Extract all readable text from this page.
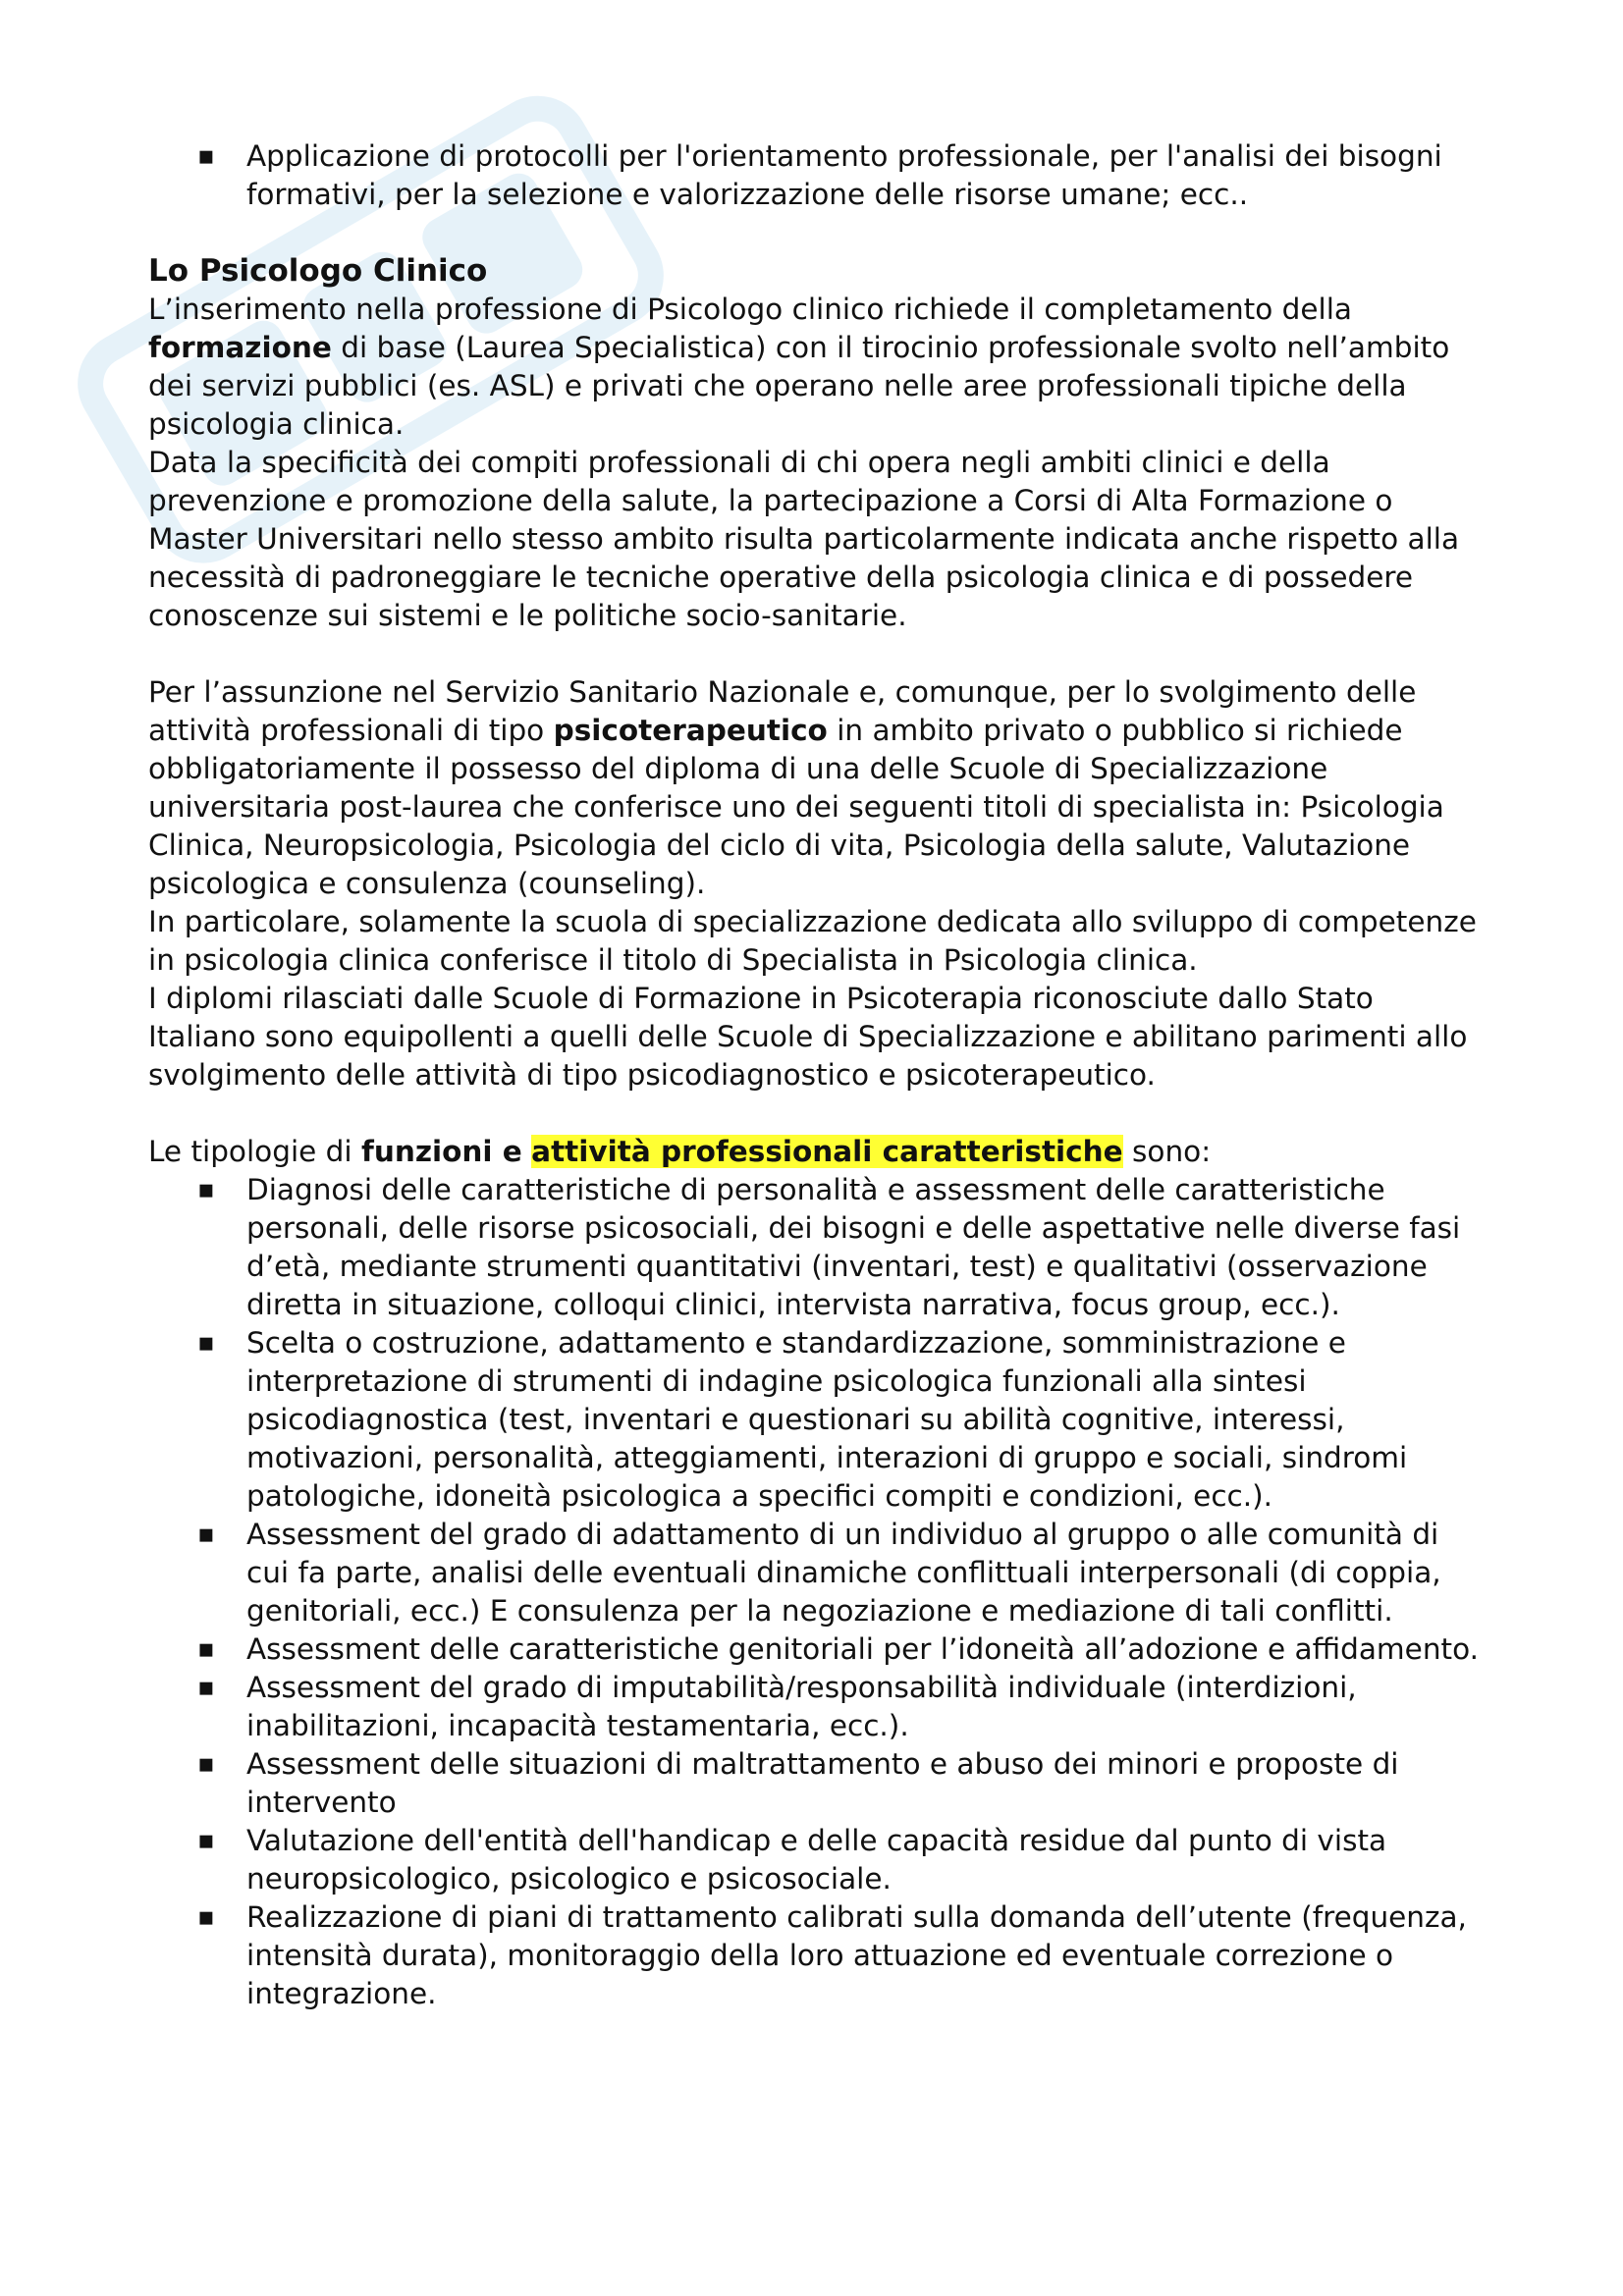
▪ Applicazione di protocolli per l'orientamento professionale, per l'analisi dei bisogni formativi, per la selezione e valorizzazione delle risorse umane; ecc..
Lo Psicologo Clinico

L’inserimento nella professione di Psicologo clinico richiede il completamento della formazione di base (Laurea Specialistica) con il tirocinio professionale svolto nell’ambito dei servizi pubblici (es. ASL) e privati che operano nelle aree professionali tipiche della psicologia clinica.

Data la specificità dei compiti professionali di chi opera negli ambiti clinici e della prevenzione e promozione della salute, la partecipazione a Corsi di Alta Formazione o Master Universitari nello stesso ambito risulta particolarmente indicata anche rispetto alla necessità di padroneggiare le tecniche operative della psicologia clinica e di possedere conoscenze sui sistemi e le politiche socio-sanitarie.

Per l’assunzione nel Servizio Sanitario Nazionale e, comunque, per lo svolgimento delle attività professionali di tipo psicoterapeutico in ambito privato o pubblico si richiede obbligatoriamente il possesso del diploma di una delle Scuole di Specializzazione universitaria post-laurea che conferisce uno dei seguenti titoli di specialista in: Psicologia Clinica, Neuropsicologia, Psicologia del ciclo di vita, Psicologia della salute, Valutazione psicologica e consulenza (counseling).

In particolare, solamente la scuola di specializzazione dedicata allo sviluppo di competenze in psicologia clinica conferisce il titolo di Specialista in Psicologia clinica.

I diplomi rilasciati dalle Scuole di Formazione in Psicoterapia riconosciute dallo Stato Italiano sono equipollenti a quelli delle Scuole di Specializzazione e abilitano parimenti allo svolgimento delle attività di tipo psicodiagnostico e psicoterapeutico.

Le tipologie di funzioni e attività professionali caratteristiche sono:

▪ Diagnosi delle caratteristiche di personalità e assessment delle caratteristiche personali, delle risorse psicosociali, dei bisogni e delle aspettative nelle diverse fasi d’età, mediante strumenti quantitativi (inventari, test) e qualitativi (osservazione diretta in situazione, colloqui clinici, intervista narrativa, focus group, ecc.).
▪ Scelta o costruzione, adattamento e standardizzazione, somministrazione e interpretazione di strumenti di indagine psicologica funzionali alla sintesi psicodiagnostica (test, inventari e questionari su abilità cognitive, interessi, motivazioni, personalità, atteggiamenti, interazioni di gruppo e sociali, sindromi patologiche, idoneità psicologica a specifici compiti e condizioni, ecc.).
▪ Assessment del grado di adattamento di un individuo al gruppo o alle comunità di cui fa parte, analisi delle eventuali dinamiche conflittuali interpersonali (di coppia, genitoriali, ecc.) E consulenza per la negoziazione e mediazione di tali conflitti.
▪ Assessment delle caratteristiche genitoriali per l’idoneità all’adozione e affidamento.
▪ Assessment del grado di imputabilità/responsabilità individuale (interdizioni, inabilitazioni, incapacità testamentaria, ecc.).
▪ Assessment delle situazioni di maltrattamento e abuso dei minori e proposte di intervento
▪ Valutazione dell'entità dell'handicap e delle capacità residue dal punto di vista neuropsicologico, psicologico e psicosociale.
▪ Realizzazione di piani di trattamento calibrati sulla domanda dell’utente (frequenza, intensità durata), monitoraggio della loro attuazione ed eventuale correzione o integrazione.
